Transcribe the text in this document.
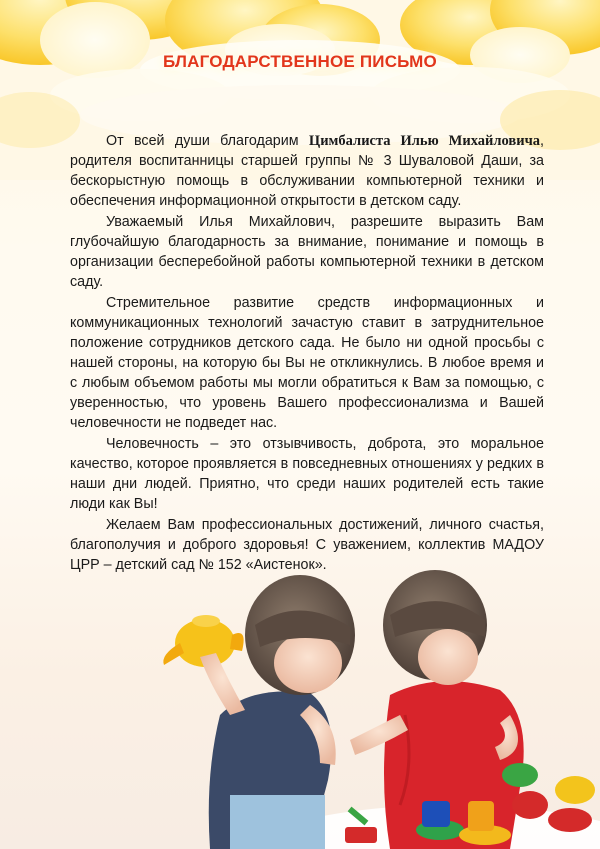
БЛАГОДАРСТВЕННОЕ ПИСЬМО

От всей души благодарим Цимбалиста Илью Михайловича, родителя воспитанницы старшей группы № 3 Шуваловой Даши, за бескорыстную помощь в обслуживании компьютерной техники и обеспечения информационной открытости в детском саду.

Уважаемый Илья Михайлович, разрешите выразить Вам глубочайшую благодарность за внимание, понимание и помощь в организации бесперебойной работы компьютерной техники в детском саду.

Стремительное развитие средств информационных и коммуникационных технологий зачастую ставит в затруднительное положение сотрудников детского сада. Не было ни одной просьбы с нашей стороны, на которую бы Вы не откликнулись. В любое время и с любым объемом работы мы могли обратиться к Вам за помощью, с уверенностью, что уровень Вашего профессионализма и Вашей человечности не подведет нас.

Человечность – это отзывчивость, доброта, это моральное качество, которое проявляется в повседневных отношениях у редких в наши дни людей. Приятно, что среди наших родителей есть такие люди как Вы!

Желаем Вам профессиональных достижений, личного счастья, благополучия и доброго здоровья! С уважением, коллектив МАДОУ ЦРР – детский сад № 152 «Аистенок».
